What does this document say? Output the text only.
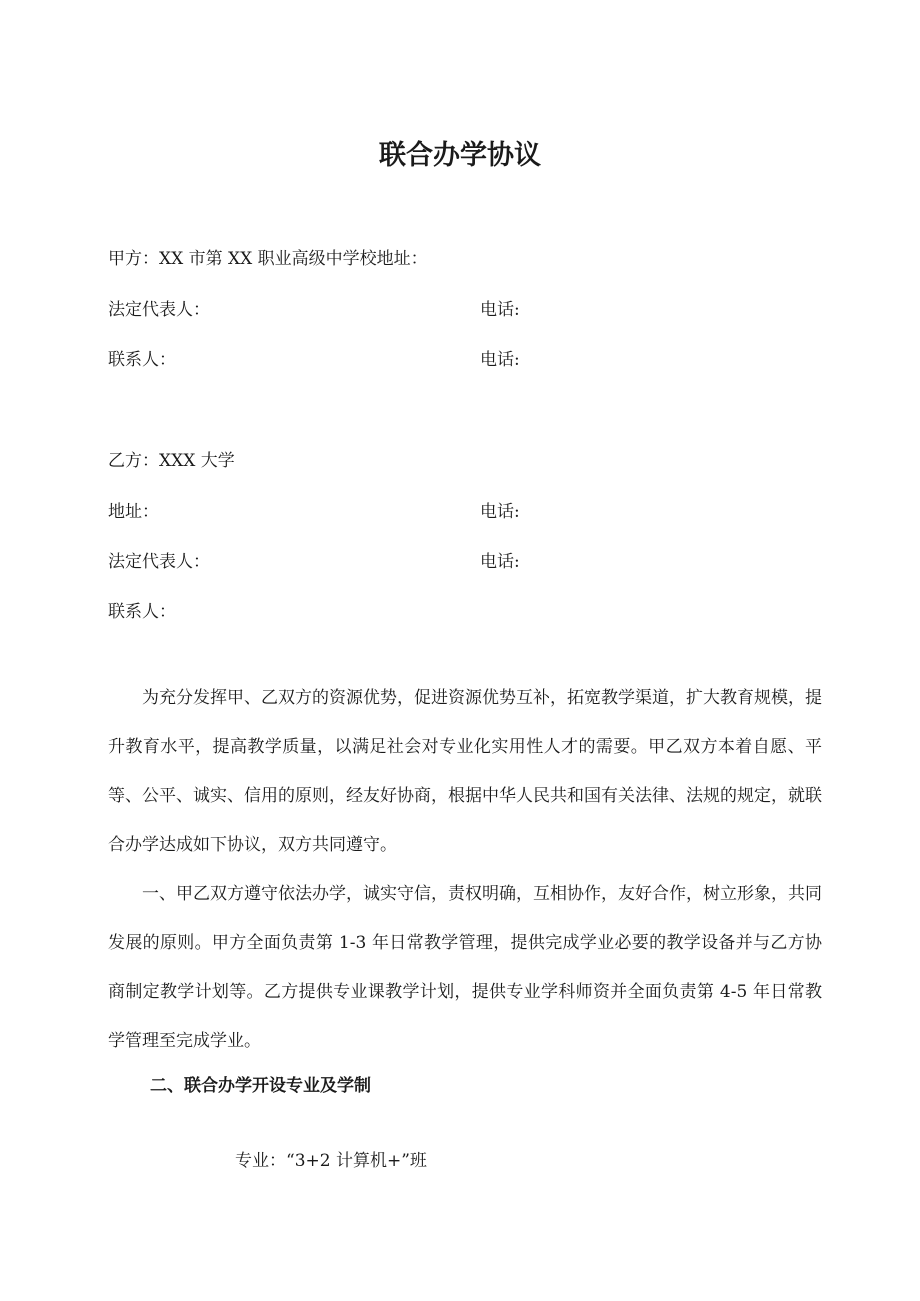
联合办学协议
甲方：XX 市第 XX 职业高级中学校地址：
法定代表人：	电话:
联系人：	电话:
乙方：XXX 大学
地址：	电话:
法定代表人：	电话:
联系人：
为充分发挥甲、乙双方的资源优势，促进资源优势互补，拓宽教学渠道，扩大教育规模，提升教育水平，提高教学质量，以满足社会对专业化实用性人才的需要。甲乙双方本着自愿、平等、公平、诚实、信用的原则，经友好协商，根据中华人民共和国有关法律、法规的规定，就联合办学达成如下协议，双方共同遵守。
一、甲乙双方遵守依法办学，诚实守信，责权明确，互相协作，友好合作，树立形象，共同发展的原则。甲方全面负责第 1-3 年日常教学管理，提供完成学业必要的教学设备并与乙方协商制定教学计划等。乙方提供专业课教学计划，提供专业学科师资并全面负责第 4-5 年日常教学管理至完成学业。
二、联合办学开设专业及学制
专业：“3+2 计算机+”班
